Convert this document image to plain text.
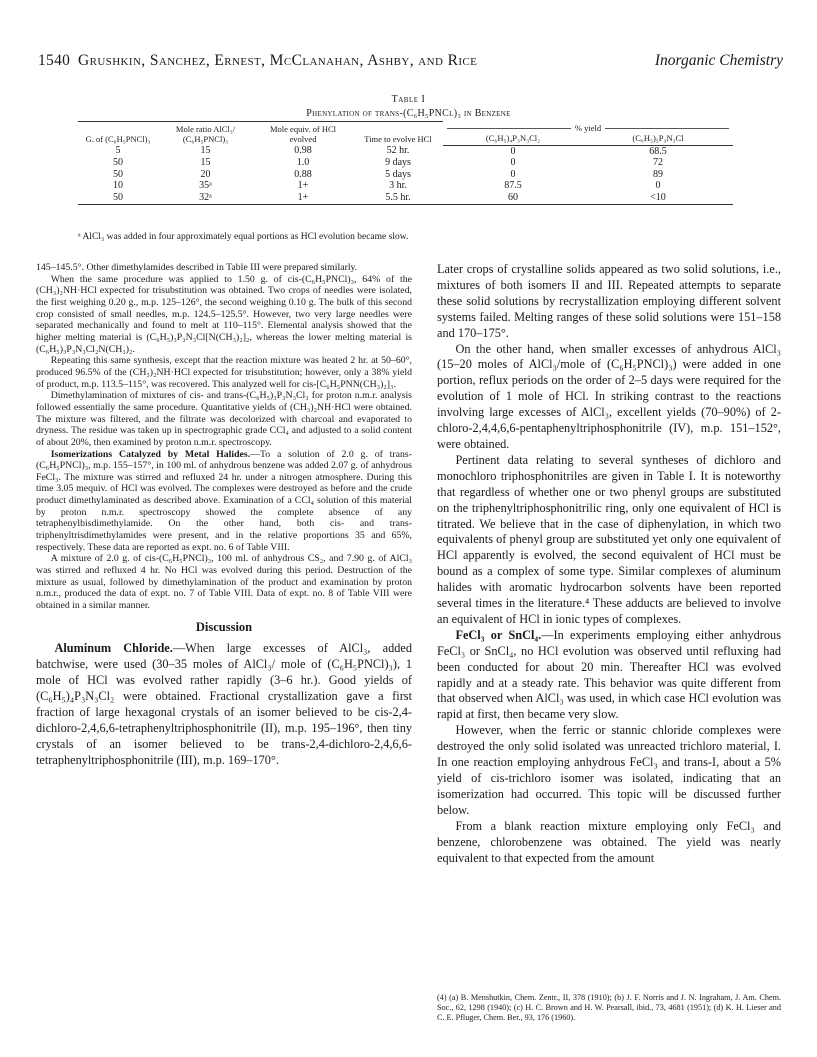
1540 Grushkin, Sanchez, Ernest, McClanahan, Ashby, and Rice	Inorganic Chemistry
Table I
Phenylation of trans-(C₆H₅PNCl)₃ in Benzene
G. of (C₆H₅PNCl)₃	Mole ratio AlCl₃/ (C₆H₅PNCl)₃	Mole equiv. of HCl evolved	Time to evolve HCl	% yield	

				(C₆H₅)₄P₃N₃Cl₂	(C₆H₅)₅P₃N₃Cl
5	15	0.98	52 hr.	0	68.5
50	15	1.0	9 days	0	72
50	20	0.88	5 days	0	89
10	35ᵃ	1+	3 hr.	87.5	0
50	32ᵃ	1+	5.5 hr.	60	<10
ᵃ AlCl₃ was added in four approximately equal portions as HCl evolution became slow.

145–145.5°. Other dimethylamides described in Table III were prepared similarly.

When the same procedure was applied to 1.50 g. of cis-(C₆H₅PNCl)₃, 64% of the (CH₃)₂NH·HCl expected for trisubstitution was obtained. Two crops of needles were isolated, the first weighing 0.20 g., m.p. 125–126°, the second weighing 0.10 g. The bulk of this second crop consisted of small needles, m.p. 124.5–125.5°. However, two very large needles were separated mechanically and found to melt at 110–115°. Elemental analysis showed that the higher melting material is (C₆H₅)₃P₃N₃Cl[N(CH₃)₂]₂, whereas the lower melting material is (C₆H₅)₃P₃N₃Cl₂N(CH₃)₂.

Repeating this same synthesis, except that the reaction mixture was heated 2 hr. at 50–60°, produced 96.5% of the (CH₃)₂NH·HCl expected for trisubstitution; however, only a 38% yield of product, m.p. 113.5–115°, was recovered. This analyzed well for cis-[C₆H₅PNN(CH₃)₂]₃.

Dimethylamination of mixtures of cis- and trans-(C₆H₅)₃P₃N₃Cl₃ for proton n.m.r. analysis followed essentially the same procedure. Quantitative yields of (CH₃)₂NH·HCl were obtained. The mixture was filtered, and the filtrate was decolorized with charcoal and evaporated to dryness. The residue was taken up in spectrographic grade CCl₄ and adjusted to a solid content of about 20%, then examined by proton n.m.r. spectroscopy.

Isomerizations Catalyzed by Metal Halides.—To a solution of 2.0 g. of trans-(C₆H₅PNCl)₃, m.p. 155–157°, in 100 ml. of anhydrous benzene was added 2.07 g. of anhydrous FeCl₃. The mixture was stirred and refluxed 24 hr. under a nitrogen atmosphere. During this time 3.05 mequiv. of HCl was evolved. The complexes were destroyed as before and the crude product dimethylaminated as described above. Examination of a CCl₄ solution of this material by proton n.m.r. spectroscopy showed the complete absence of any tetraphenylbisdimethylamide. On the other hand, both cis- and trans-triphenyltrisdimethylamides were present, and in the relative proportions 35 and 65%, respectively. These data are reported as expt. no. 6 of Table VIII.

A mixture of 2.0 g. of cis-(C₆H₅PNCl)₃, 100 ml. of anhydrous CS₂, and 7.90 g. of AlCl₃ was stirred and refluxed 4 hr. No HCl was evolved during this period. Destruction of the mixture as usual, followed by dimethylamination of the product and examination by proton n.m.r., produced the data of expt. no. 7 of Table VIII. Data of expt. no. 8 of Table VIII were obtained in a similar manner.

Discussion

Aluminum Chloride.—When large excesses of AlCl₃, added batchwise, were used (30–35 moles of AlCl₃/ mole of (C₆H₅PNCl)₃), 1 mole of HCl was evolved rather rapidly (3–6 hr.). Good yields of (C₆H₅)₄P₃N₃Cl₂ were obtained. Fractional crystallization gave a first fraction of large hexagonal crystals of an isomer believed to be cis-2,4-dichloro-2,4,6,6-tetraphenyltriphosphonitrile (II), m.p. 195–196°, then tiny crystals of an isomer believed to be trans-2,4-dichloro-2,4,6,6-tetraphenyltriphosphonitrile (III), m.p. 169–170°.

Later crops of crystalline solids appeared as two solid solutions, i.e., mixtures of both isomers II and III. Repeated attempts to separate these solid solutions by recrystallization employing different solvent systems failed. Melting ranges of these solid solutions were 151–158 and 170–175°.

On the other hand, when smaller excesses of anhydrous AlCl₃ (15–20 moles of AlCl₃/mole of (C₆H₅PNCl)₃) were added in one portion, reflux periods on the order of 2–5 days were required for the evolution of 1 mole of HCl. In striking contrast to the reactions involving large excesses of AlCl₃, excellent yields (70–90%) of 2-chloro-2,4,4,6,6-pentaphenyltriphosphonitrile (IV), m.p. 151–152°, were obtained.

Pertinent data relating to several syntheses of dichloro and monochloro triphosphonitriles are given in Table I. It is noteworthy that regardless of whether one or two phenyl groups are substituted on the triphenyltriphosphonitrilic ring, only one equivalent of HCl is titrated. We believe that in the case of diphenylation, in which two equivalents of phenyl group are substituted yet only one equivalent of HCl apparently is evolved, the second equivalent of HCl must be bound as a complex of some type. Similar complexes of aluminum halides with aromatic hydrocarbon solvents have been reported several times in the literature.⁴ These adducts are believed to involve an equivalent of HCl in ionic types of complexes.

FeCl₃ or SnCl₄.—In experiments employing either anhydrous FeCl₃ or SnCl₄, no HCl evolution was observed until refluxing had been conducted for about 20 min. Thereafter HCl was evolved rapidly and at a steady rate. This behavior was quite different from that observed when AlCl₃ was used, in which case HCl evolution was rapid at first, then became very slow.

However, when the ferric or stannic chloride complexes were destroyed the only solid isolated was unreacted trichloro material, I. In one reaction employing anhydrous FeCl₃ and trans-I, about a 5% yield of cis-trichloro isomer was isolated, indicating that an isomerization had occurred. This topic will be discussed further below.

From a blank reaction mixture employing only FeCl₃ and benzene, chlorobenzene was obtained. The yield was nearly equivalent to that expected from the amount

(4) (a) B. Menshutkin, Chem. Zentr., II, 378 (1910); (b) J. F. Norris and J. N. Ingraham, J. Am. Chem. Soc., 62, 1298 (1940); (c) H. C. Brown and H. W. Pearsall, ibid., 73, 4681 (1951); (d) K. H. Lieser and C. E. Pfluger, Chem. Ber., 93, 176 (1960).
